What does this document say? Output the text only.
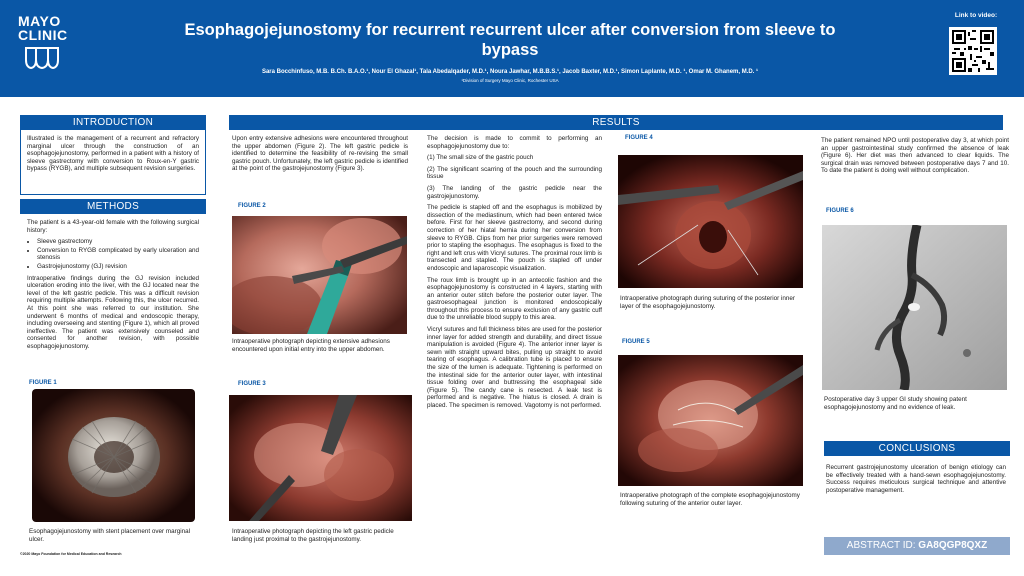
MAYO
CLINIC	Esophagojejunostomy for recurrent recurrent ulcer after conversion from sleeve to bypass
Sara Bocchinfuso, M.B. B.Ch. B.A.O.¹, Nour El Ghazal¹, Tala Abedalqader, M.D.¹, Noura Jawhar, M.B.B.S.¹, Jacob Baxter, M.D.¹, Simon Laplante, M.D. ¹, Omar M. Ghanem, M.D. ¹
¹Division of Surgery Mayo Clinic, Rochester USA
Link to video:
INTRODUCTION
Illustrated is the management of a recurrent and refractory marginal ulcer through the construction of an esophagojejunostomy, performed in a patient with a history of sleeve gastrectomy with conversion to Roux-en-Y gastric bypass (RYGB), and multiple subsequent revision surgeries.
METHODS

The patient is a 43-year-old female with the following surgical history:

• Sleeve gastrectomy
• Conversion to RYGB complicated by early ulceration and stenosis
• Gastrojejunostomy (GJ) revision

Intraoperative findings during the GJ revision included ulceration eroding into the liver, with the GJ located near the level of the left gastric pedicle. This was a difficult revision requiring multiple attempts. Following this, the ulcer recurred. At this point she was referred to our institution. She underwent 6 months of medical and endoscopic therapy, including overseeing and stenting (Figure 1), which all proved ineffective. The patient was extensively counseled and consented for another revision, with possible esophagojejunostomy.

FIGURE 1
Esophagojejunostomy with stent placement over marginal ulcer.
©2020 Mayo Foundation for Medical Education and Research
RESULTS
Upon entry extensive adhesions were encountered throughout the upper abdomen (Figure 2). The left gastric pedicle is identified to determine the feasibility of re-revising the small gastric pouch. Unfortunately, the left gastric pedicle is identified at the point of the gastrojejunostomy (Figure 3).
FIGURE 2
Intraoperative photograph depicting extensive adhesions encountered upon initial entry into the upper abdomen.
FIGURE 3
Intraoperative photograph depicting the left gastric pedicle landing just proximal to the gastrojejunostomy.

The decision is made to commit to performing an esophagojejunostomy due to:

(1) The small size of the gastric pouch

(2) The significant scarring of the pouch and the surrounding tissue

(3) The landing of the gastric pedicle near the gastrojejunostomy.

The pedicle is stapled off and the esophagus is mobilized by dissection of the mediastinum, which had been entered twice before. First for her sleeve gastrectomy, and second during correction of her hiatal hernia during her conversion from sleeve to RYGB. Clips from her prior surgeries were removed prior to stapling the esophagus. The esophagus is fixed to the right and left crus with Vicryl sutures. The proximal roux limb is transected and stapled. The pouch is stapled off under endoscopic and laparoscopic visualization.

The roux limb is brought up in an antecolic fashion and the esophagojejunostomy is constructed in 4 layers, starting with an anterior outer stitch before the posterior outer layer. The gastroesophageal junction is monitored endoscopically throughout this process to ensure exclusion of any gastric cuff due to the unreliable blood supply to this area.

Vicryl sutures and full thickness bites are used for the posterior inner layer for added strength and durability, and direct tissue manipulation is avoided (Figure 4). The anterior inner layer is sewn with straight upward bites, pulling up straight to avoid tearing of esophagus. A calibration tube is placed to ensure the size of the lumen is adequate. Tightening is performed on the intestinal side for the anterior outer layer, with intestinal tissue folding over and buttressing the esophageal side (Figure 5). The candy cane is resected. A leak test is performed and is negative. The hiatus is closed. A drain is placed. The specimen is removed. Vagotomy is not performed.

FIGURE 4
Intraoperative photograph during suturing of the posterior inner layer of the esophagojejunostomy.
FIGURE 5
Intraoperative photograph of the complete esophagojejunostomy following suturing of the anterior outer layer.
The patient remained NPO until postoperative day 3, at which point an upper gastrointestinal study confirmed the absence of leak (Figure 6). Her diet was then advanced to clear liquids. The surgical drain was removed between postoperative days 7 and 10. To date the patient is doing well without complication.
FIGURE 6
Postoperative day 3 upper GI study showing patent esophagojejunostomy and no evidence of leak.
CONCLUSIONS
Recurrent gastrojejunostomy ulceration of benign etiology can be effectively treated with a hand-sewn esophagojejunostomy. Success requires meticulous surgical technique and attentive postoperative management.
ABSTRACT ID: GA8QGP8QXZ
